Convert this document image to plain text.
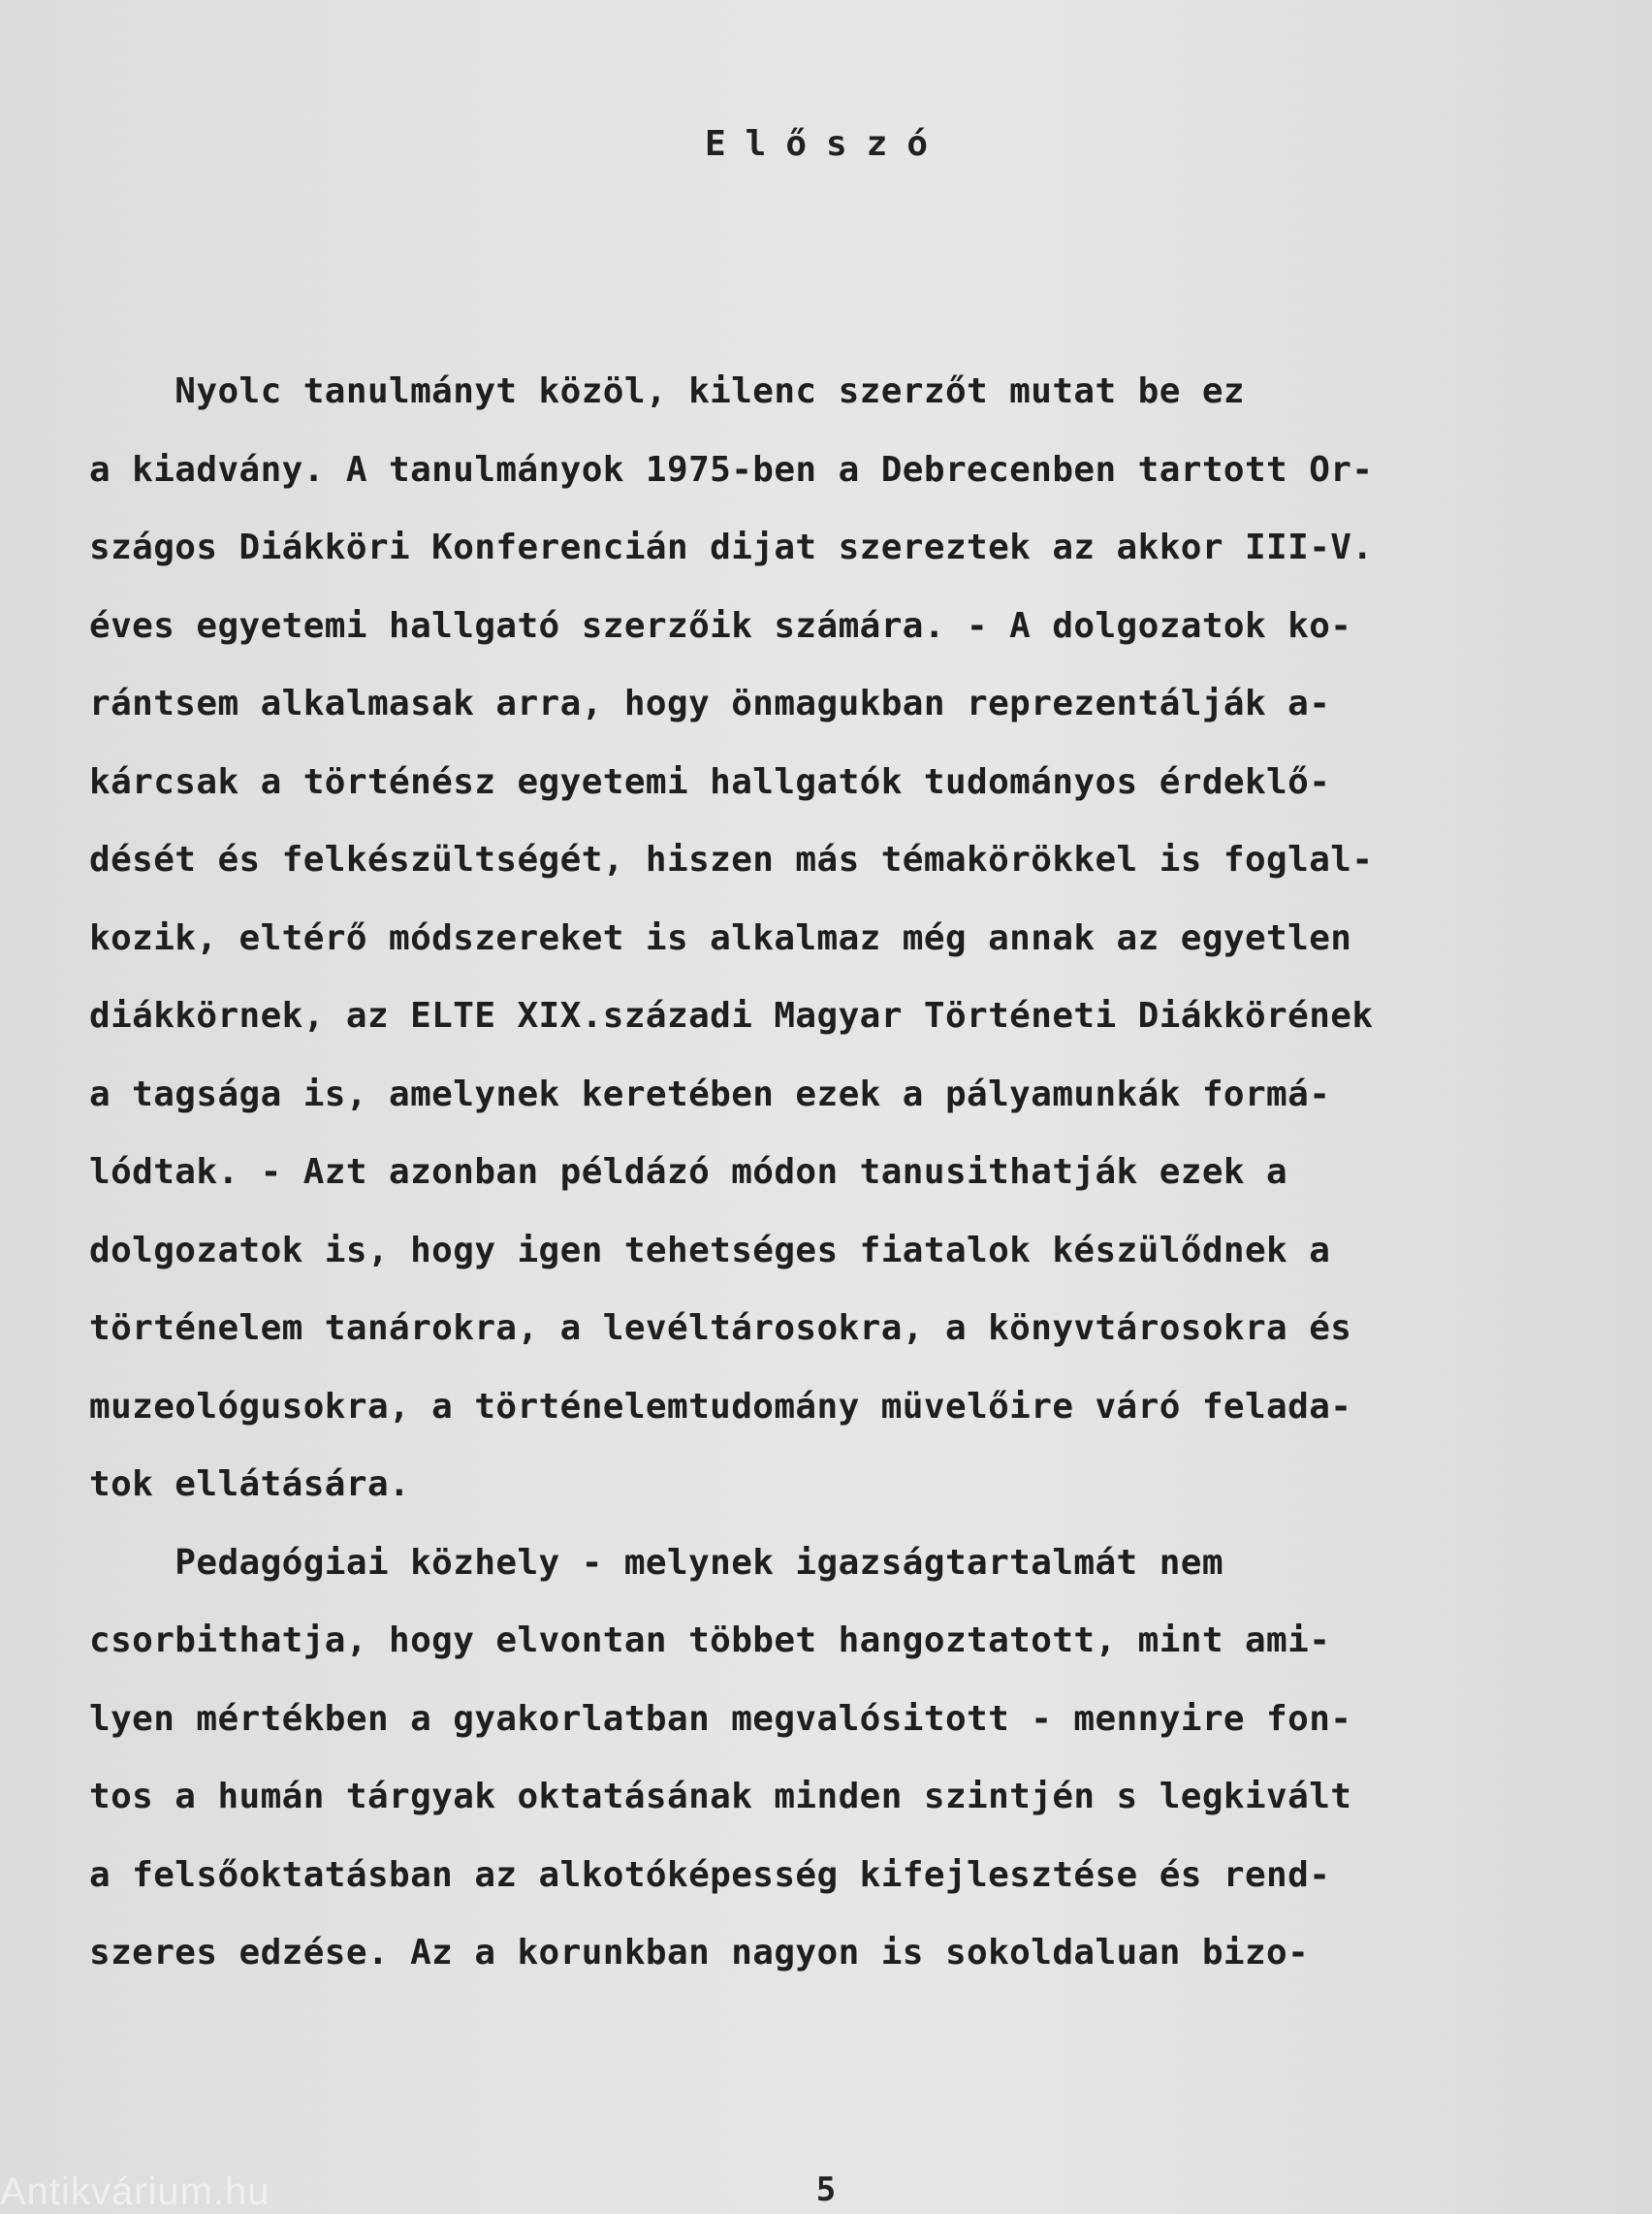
Előszó
Nyolc tanulmányt közöl, kilenc szerzőt mutat be ez
a kiadvány. A tanulmányok 1975-ben a Debrecenben tartott Or-
szágos Diákköri Konferencián dijat szereztek az akkor III-V.
éves egyetemi hallgató szerzőik számára. - A dolgozatok ko-
rántsem alkalmasak arra, hogy önmagukban reprezentálják a-
kárcsak a történész egyetemi hallgatók tudományos érdeklő-
dését és felkészültségét, hiszen más témakörökkel is foglal-
kozik, eltérő módszereket is alkalmaz még annak az egyetlen
diákkörnek, az ELTE XIX.századi Magyar Történeti Diákkörének
a tagsága is, amelynek keretében ezek a pályamunkák formá-
lódtak. - Azt azonban példázó módon tanusithatják ezek a
dolgozatok is, hogy igen tehetséges fiatalok készülődnek a
történelem tanárokra, a levéltárosokra, a könyvtárosokra és
muzeológusokra, a történelemtudomány müvelőire váró felada-
tok ellátására.
Pedagógiai közhely - melynek igazságtartalmát nem
csorbithatja, hogy elvontan többet hangoztatott, mint ami-
lyen mértékben a gyakorlatban megvalósitott - mennyire fon-
tos a humán tárgyak oktatásának minden szintjén s legkivált
a felsőoktatásban az alkotóképesség kifejlesztése és rend-
szeres edzése. Az a korunkban nagyon is sokoldaluan bizo-
Antikvárium.hu	5
